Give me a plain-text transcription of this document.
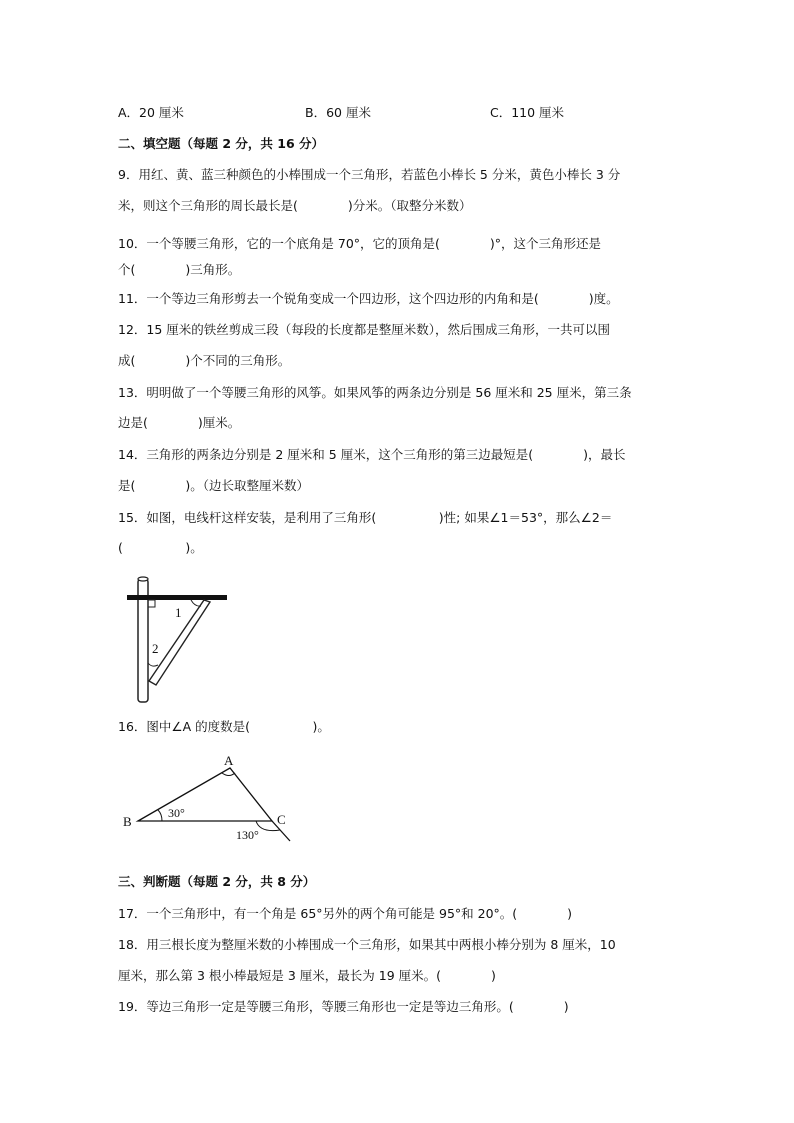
A．20 厘米	B．60 厘米	C．110 厘米
二、填空题（每题 2 分，共 16 分）
9．用红、黄、蓝三种颜色的小棒围成一个三角形，若蓝色小棒长 5 分米，黄色小棒长 3 分
米，则这个三角形的周长最长是(　　　　)分米。（取整分米数）
10．一个等腰三角形，它的一个底角是 70°，它的顶角是(　　　　)°，这个三角形还是
个(　　　　)三角形。
11．一个等边三角形剪去一个锐角变成一个四边形，这个四边形的内角和是(　　　　)度。
12．15 厘米的铁丝剪成三段（每段的长度都是整厘米数），然后围成三角形，一共可以围
成(　　　　)个不同的三角形。
13．明明做了一个等腰三角形的风筝。如果风筝的两条边分别是 56 厘米和 25 厘米，第三条
边是(　　　　)厘米。
14．三角形的两条边分别是 2 厘米和 5 厘米，这个三角形的第三边最短是(　　　　)，最长
是(　　　　)。（边长取整厘米数）
15．如图，电线杆这样安装，是利用了三角形(　　　　　)性; 如果∠1＝53°，那么∠2＝
(　　　　　)。
1
2
16．图中∠A 的度数是(　　　　　)。
A
B	C
30°
130°
三、判断题（每题 2 分，共 8 分）
17．一个三角形中，有一个角是 65°另外的两个角可能是 95°和 20°。(　　　　)
18．用三根长度为整厘米数的小棒围成一个三角形，如果其中两根小棒分别为 8 厘米，10
厘米，那么第 3 根小棒最短是 3 厘米，最长为 19 厘米。(　　　　)
19．等边三角形一定是等腰三角形，等腰三角形也一定是等边三角形。(　　　　)
